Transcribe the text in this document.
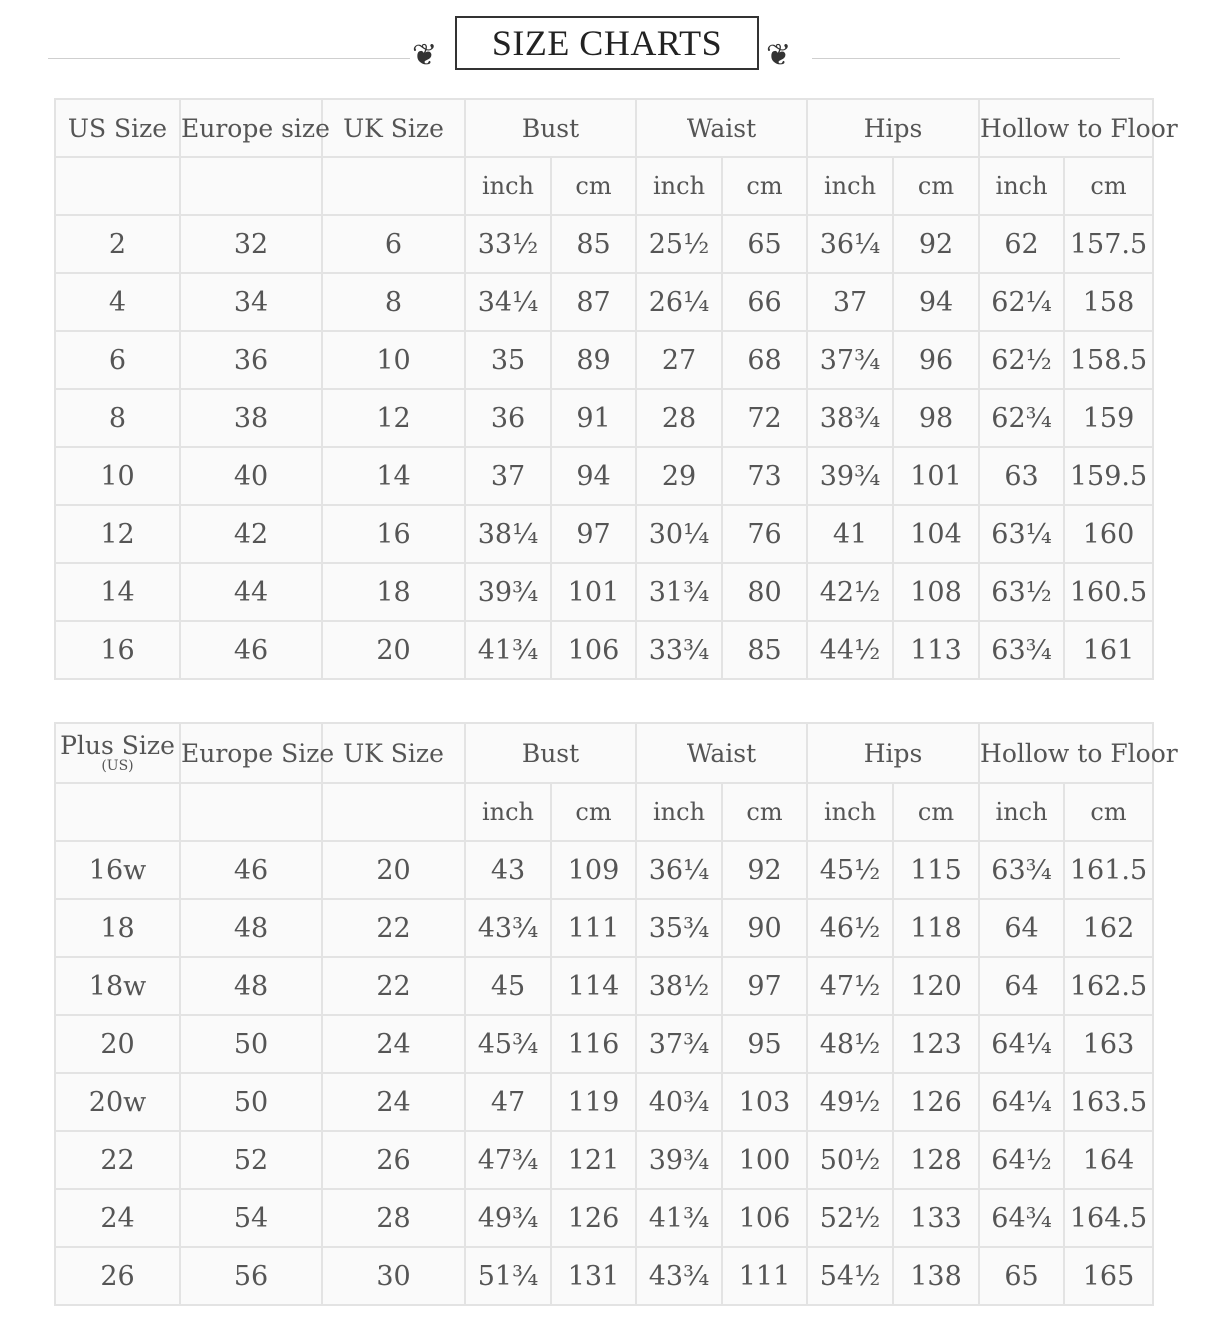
❦	SIZE CHARTS	❦
US Size	Europe size	UK Size	Bust		Waist		Hips		Hollow to Floor	
			inch	cm	inch	cm	inch	cm	inch	cm
2	32	6	33½	85	25½	65	36¼	92	62	157.5
4	34	8	34¼	87	26¼	66	37	94	62¼	158
6	36	10	35	89	27	68	37¾	96	62½	158.5
8	38	12	36	91	28	72	38¾	98	62¾	159
10	40	14	37	94	29	73	39¾	101	63	159.5
12	42	16	38¼	97	30¼	76	41	104	63¼	160
14	44	18	39¾	101	31¾	80	42½	108	63½	160.5
16	46	20	41¾	106	33¾	85	44½	113	63¾	161
Plus Size
(US)	Europe Size	UK Size	Bust		Waist		Hips		Hollow to Floor	
			inch	cm	inch	cm	inch	cm	inch	cm
16w	46	20	43	109	36¼	92	45½	115	63¾	161.5
18	48	22	43¾	111	35¾	90	46½	118	64	162
18w	48	22	45	114	38½	97	47½	120	64	162.5
20	50	24	45¾	116	37¾	95	48½	123	64¼	163
20w	50	24	47	119	40¾	103	49½	126	64¼	163.5
22	52	26	47¾	121	39¾	100	50½	128	64½	164
24	54	28	49¾	126	41¾	106	52½	133	64¾	164.5
26	56	30	51¾	131	43¾	111	54½	138	65	165
